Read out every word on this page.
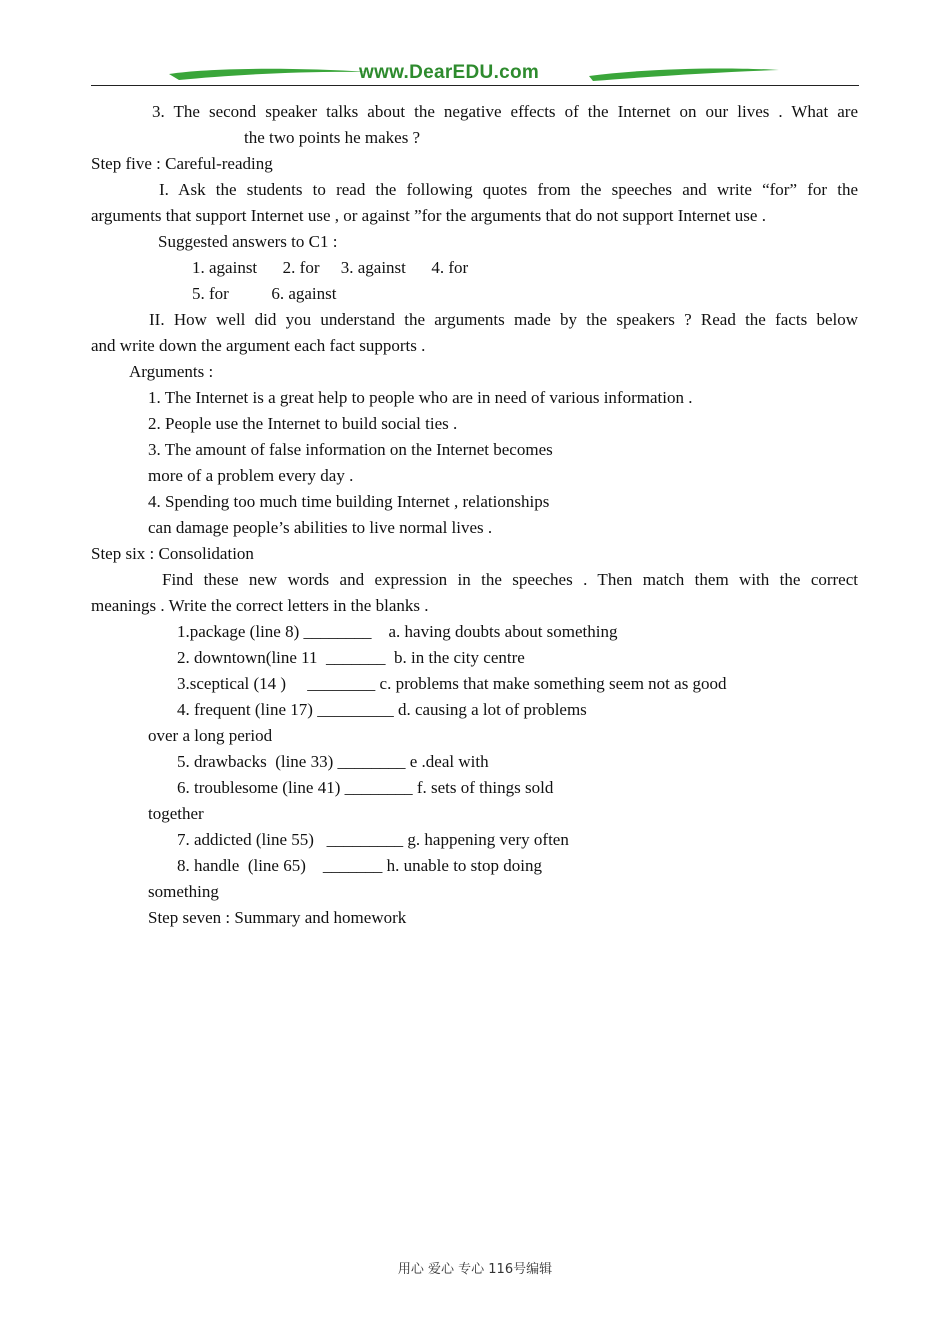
www.DearEDU.com
3. The second speaker talks about the negative effects of the Internet on our lives . What are
the two points he makes ?
Step five : Careful-reading
I. Ask the students to read the following quotes from the speeches and write “for” for the
arguments that support Internet use , or against ”for the arguments that do not support Internet use .
Suggested answers to C1 :
1. against      2. for     3. against      4. for
5. for          6. against
II. How well did you understand the arguments made by the speakers ? Read the facts below
and write down the argument each fact supports .
Arguments :
1. The Internet is a great help to people who are in need of various information .
2. People use the Internet to build social ties .
3. The amount of false information on the Internet becomes
more of a problem every day .
4. Spending too much time building Internet , relationships
can damage people’s abilities to live normal lives .
Step six : Consolidation
Find these new words and expression in the speeches . Then match them with the correct
meanings . Write the correct letters in the blanks .
1.package (line 8) ________    a. having doubts about something
2. downtown(line 11  _______  b. in the city centre
3.sceptical (14 )     ________ c. problems that make something seem not as good
4. frequent (line 17) _________ d. causing a lot of problems
over a long period
5. drawbacks  (line 33) ________ e .deal with
6. troublesome (line 41) ________ f. sets of things sold
together
7. addicted (line 55)   _________ g. happening very often
8. handle  (line 65)    _______ h. unable to stop doing
something
Step seven : Summary and homework
用心 爱心 专心 116号编辑
